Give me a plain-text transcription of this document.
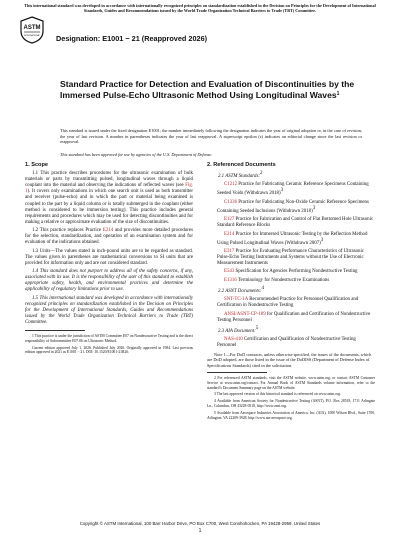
This international standard was developed in accordance with internationally recognized principles on standardization established in the Decision on Principles for the Development of International Standards, Guides and Recommendations issued by the World Trade Organization Technical Barriers to Trade (TBT) Committee.
ASTM
INTERNATIONAL Designation: E1001 − 21 (Reapproved 2026)
Standard Practice for Detection and Evaluation of Discontinuities by the Immersed Pulse-Echo Ultrasonic Method Using Longitudinal Waves$^1$
This standard is issued under the fixed designation E1001; the number immediately following the designation indicates the year of original adoption or, in the case of revision, the year of last revision. A number in parentheses indicates the year of last reapproval. A superscript epsilon (ε) indicates an editorial change since the last revision or reapproval.
This standard has been approved for use by agencies of the U.S. Department of Defense.
1. Scope

1.1 This practice describes procedures for the ultrasonic examination of bulk materials or parts by transmitting pulsed, longitudinal waves through a liquid couplant into the material and observing the indications of reflected waves (see Fig. 1). It covers only examinations in which one search unit is used as both transmitter and receiver (pulse-echo) and in which the part or material being examined is coupled to the part by a liquid column or is totally submerged in the couplant (either method is considered to be immersion testing). This practice includes general requirements and procedures which may be used for detecting discontinuities and for making a relative or approximate evaluation of the size of discontinuities.

1.2 This practice replaces Practice E214 and provides more detailed procedures for the selection, standardization, and operation of an examination system and for evaluation of the indications obtained.

1.3 Units—The values stated in inch-pound units are to be regarded as standard. The values given in parentheses are mathematical conversions to SI units that are provided for information only and are not considered standard.

1.4 This standard does not purport to address all of the safety concerns, if any, associated with its use. It is the responsibility of the user of this standard to establish appropriate safety, health, and environmental practices and determine the applicability of regulatory limitations prior to use.

1.5 This international standard was developed in accordance with internationally recognized principles on standardization established in the Decision on Principles for the Development of International Standards, Guides and Recommendations issued by the World Trade Organization Technical Barriers to Trade (TBT) Committee.

1 This practice is under the jurisdiction of ASTM Committee E07 on Nondestructive Testing and is the direct responsibility of Subcommittee E07.06 on Ultrasonic Method.

Current edition approved July 1, 2026. Published July 2026. Originally approved in 1984. Last previous edition approved in 2021 as E1001 − 21. DOI: 10.1520/E1001-21R26.

2. Referenced Documents

2.1 ASTM Standards:2

C1212 Practice for Fabricating Ceramic Reference Specimens Containing Seeded Voids (Withdrawn 2018)3

C1336 Practice for Fabricating Non-Oxide Ceramic Reference Specimens Containing Seeded Inclusions (Withdrawn 2018)3

E127 Practice for Fabrication and Control of Flat Bottomed Hole Ultrasonic Standard Reference Blocks

E214 Practice for Immersed Ultrasonic Testing by the Reflection Method Using Pulsed Longitudinal Waves (Withdrawn 2007)3

E317 Practice for Evaluating Performance Characteristics of Ultrasonic Pulse-Echo Testing Instruments and Systems without the Use of Electronic Measurement Instruments

E543 Specification for Agencies Performing Nondestructive Testing

E1316 Terminology for Nondestructive Examinations

2.2 ASNT Documents:4

SNT-TC-1A Recommended Practice for Personnel Qualification and Certification in Nondestructive Testing

ANSI/ASNT-CP-189 for Qualification and Certification of Nondestructive Testing Personnel

2.3 AIA Document:5

NAS-410 Certification and Qualification of Nondestructive Testing Personnel

Note 1—For DoD contracts, unless otherwise specified, the issues of the documents, which are DoD adopted, are those listed in the issue of the DoDISS (Department of Defense Index of Specifications Standards) cited in the solicitation.

2 For referenced ASTM standards, visit the ASTM website, www.astm.org, or contact ASTM Customer Service at www.astm.org/contact. For Annual Book of ASTM Standards volume information, refer to the standard’s Document Summary page on the ASTM website.

3 The last approved version of this historical standard is referenced on www.astm.org.

4 Available from American Society for Nondestructive Testing (ASNT), P.O. Box 28518, 1711 Arlingate Ln., Columbus, OH 43228-0518, http://www.asnt.org.

5 Available from Aerospace Industries Association of America, Inc. (AIA), 1000 Wilson Blvd., Suite 1700, Arlington, VA 22209-3928, http://www.aia-aerospace.org.

Copyright © ASTM International, 100 Barr Harbor Drive, PO Box C700, West Conshohocken, PA 19428-2959. United States
1
